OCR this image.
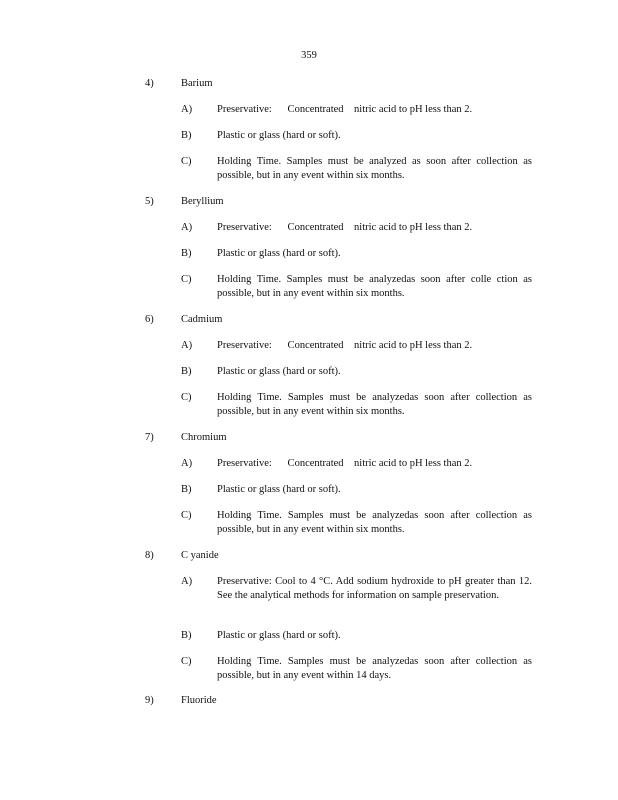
359
4)	Barium
A) Preservative:      Concentrated    nitric acid to pH less than 2.
B) Plastic or glass (hard or soft).
C) Holding Time. Samples must be analyzed as soon after collection as possible, but in any event within six months.
5)	Beryllium
A) Preservative:      Concentrated    nitric acid to pH less than 2.
B) Plastic or glass (hard or soft).
C) Holding Time. Samples must be analyzedas soon after colle ction as possible, but in any event within six months.
6)	Cadmium
A) Preservative:      Concentrated    nitric acid to pH less than 2.
B) Plastic or glass (hard or soft).
C) Holding Time. Samples must be analyzedas soon after collection as possible, but in any event within six months.
7)	Chromium
A) Preservative:      Concentrated    nitric acid to pH less than 2.
B) Plastic or glass (hard or soft).
C) Holding Time. Samples must be analyzedas soon after collection as possible, but in any event within six months.
8)	C yanide
A) Preservative: Cool to 4 °C. Add sodium hydroxide to pH greater than 12. See the analytical methods for information on sample preservation.
B) Plastic or glass (hard or soft).
C) Holding Time. Samples must be analyzedas soon after collection as possible, but in any event within 14 days.
9)	Fluoride
